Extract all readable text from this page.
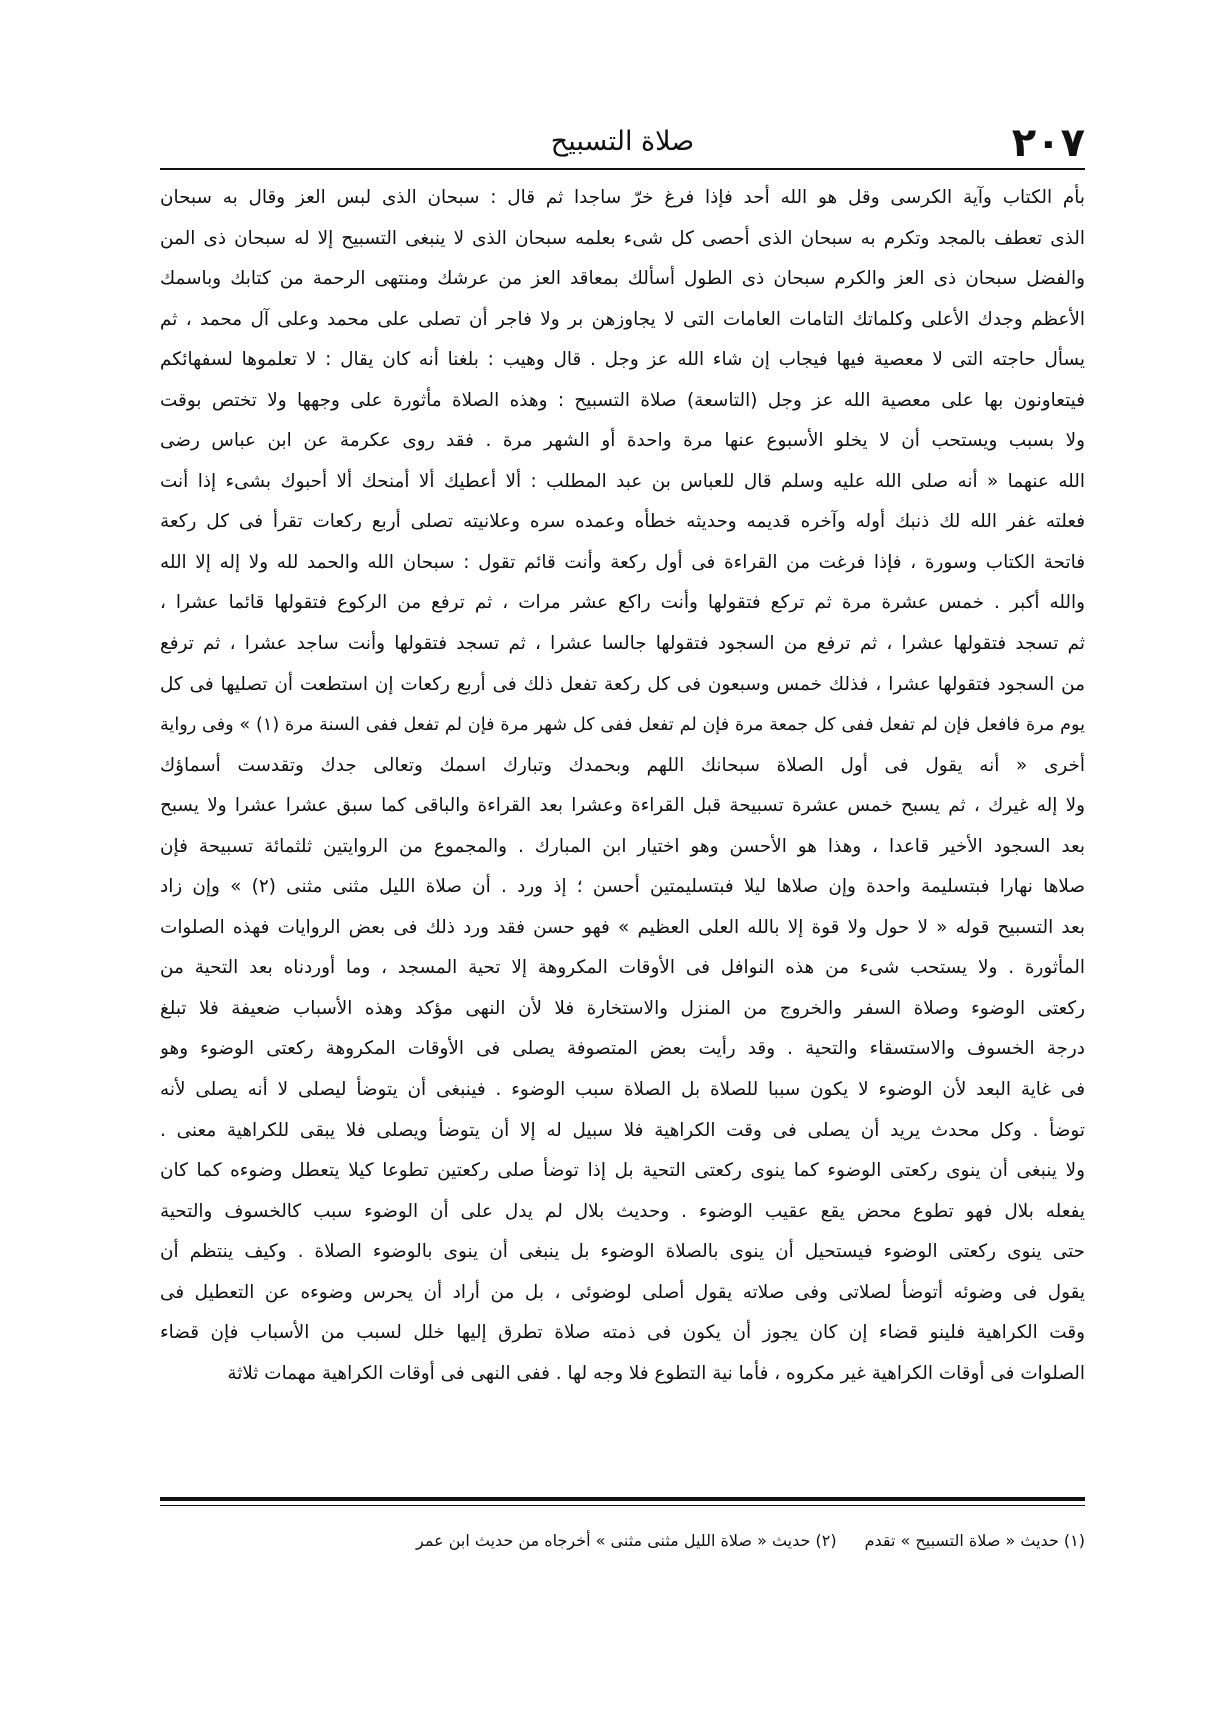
٢٠٧
صلاة التسبيح
بأم الكتاب وآية الكرسى وقل هو الله أحد فإذا فرغ خرّ ساجدا ثم قال : سبحان الذى لبس العز وقال به سبحان
الذى تعطف بالمجد وتكرم به سبحان الذى أحصى كل شىء بعلمه سبحان الذى لا ينبغى التسبيح إلا له سبحان ذى المن
والفضل سبحان ذى العز والكرم سبحان ذى الطول أسألك بمعاقد العز من عرشك ومنتهى الرحمة من كتابك وباسمك
الأعظم وجدك الأعلى وكلماتك التامات العامات التى لا يجاوزهن بر ولا فاجر أن تصلى على محمد وعلى آل محمد ، ثم
يسأل حاجته التى لا معصية فيها فيجاب إن شاء الله عز وجل . قال وهيب : بلغنا أنه كان يقال : لا تعلموها لسفهائكم
فيتعاونون بها على معصية الله عز وجل (التاسعة) صلاة التسبيح : وهذه الصلاة مأثورة على وجهها ولا تختص بوقت
ولا بسبب ويستحب أن لا يخلو الأسبوع عنها مرة واحدة أو الشهر مرة . فقد روى عكرمة عن ابن عباس رضى
الله عنهما « أنه صلى الله عليه وسلم قال للعباس بن عبد المطلب : ألا أعطيك ألا أمنحك ألا أحبوك بشىء إذا أنت
فعلته غفر الله لك ذنبك أوله وآخره قديمه وحديثه خطأه وعمده سره وعلانيته تصلى أربع ركعات تقرأ فى كل ركعة
فاتحة الكتاب وسورة ، فإذا فرغت من القراءة فى أول ركعة وأنت قائم تقول : سبحان الله والحمد لله ولا إله إلا الله
والله أكبر . خمس عشرة مرة ثم تركع فتقولها وأنت راكع عشر مرات ، ثم ترفع من الركوع فتقولها قائما عشرا ،
ثم تسجد فتقولها عشرا ، ثم ترفع من السجود فتقولها جالسا عشرا ، ثم تسجد فتقولها وأنت ساجد عشرا ، ثم ترفع
من السجود فتقولها عشرا ، فذلك خمس وسبعون فى كل ركعة تفعل ذلك فى أربع ركعات إن استطعت أن تصليها فى كل
يوم مرة فافعل فإن لم تفعل ففى كل جمعة مرة فإن لم تفعل ففى كل شهر مرة فإن لم تفعل ففى السنة مرة (١) » وفى رواية
أخرى « أنه يقول فى أول الصلاة سبحانك اللهم وبحمدك وتبارك اسمك وتعالى جدك وتقدست أسماؤك
ولا إله غيرك ، ثم يسبح خمس عشرة تسبيحة قبل القراءة وعشرا بعد القراءة والباقى كما سبق عشرا عشرا ولا يسبح
بعد السجود الأخير قاعدا ، وهذا هو الأحسن وهو اختيار ابن المبارك . والمجموع من الروايتين ثلثمائة تسبيحة فإن
صلاها نهارا فبتسليمة واحدة وإن صلاها ليلا فبتسليمتين أحسن ؛ إذ ورد . أن صلاة الليل مثنى مثنى (٢) » وإن زاد
بعد التسبيح قوله « لا حول ولا قوة إلا بالله العلى العظيم » فهو حسن فقد ورد ذلك فى بعض الروايات فهذه الصلوات
المأثورة . ولا يستحب شىء من هذه النوافل فى الأوقات المكروهة إلا تحية المسجد ، وما أوردناه بعد التحية من
ركعتى الوضوء وصلاة السفر والخروج من المنزل والاستخارة فلا لأن النهى مؤكد وهذه الأسباب ضعيفة فلا تبلغ
درجة الخسوف والاستسقاء والتحية . وقد رأيت بعض المتصوفة يصلى فى الأوقات المكروهة ركعتى الوضوء وهو
فى غاية البعد لأن الوضوء لا يكون سببا للصلاة بل الصلاة سبب الوضوء . فينبغى أن يتوضأ ليصلى لا أنه يصلى لأنه
توضأ . وكل محدث يريد أن يصلى فى وقت الكراهية فلا سبيل له إلا أن يتوضأ ويصلى فلا يبقى للكراهية معنى .
ولا ينبغى أن ينوى ركعتى الوضوء كما ينوى ركعتى التحية بل إذا توضأ صلى ركعتين تطوعا كيلا يتعطل وضوءه كما كان
يفعله بلال فهو تطوع محض يقع عقيب الوضوء . وحديث بلال لم يدل على أن الوضوء سبب كالخسوف والتحية
حتى ينوى ركعتى الوضوء فيستحيل أن ينوى بالصلاة الوضوء بل ينبغى أن ينوى بالوضوء الصلاة . وكيف ينتظم أن
يقول فى وضوئه أتوضأ لصلاتى وفى صلاته يقول أصلى لوضوئى ، بل من أراد أن يحرس وضوءه عن التعطيل فى
وقت الكراهية فلينو قضاء إن كان يجوز أن يكون فى ذمته صلاة تطرق إليها خلل لسبب من الأسباب فإن قضاء
الصلوات فى أوقات الكراهية غير مكروه ، فأما نية التطوع فلا وجه لها . ففى النهى فى أوقات الكراهية مهمات ثلاثة
(١) حديث « صلاة التسبيح » تقدم(٢) حديث « صلاة الليل مثنى مثنى » أخرجاه من حديث ابن عمر
